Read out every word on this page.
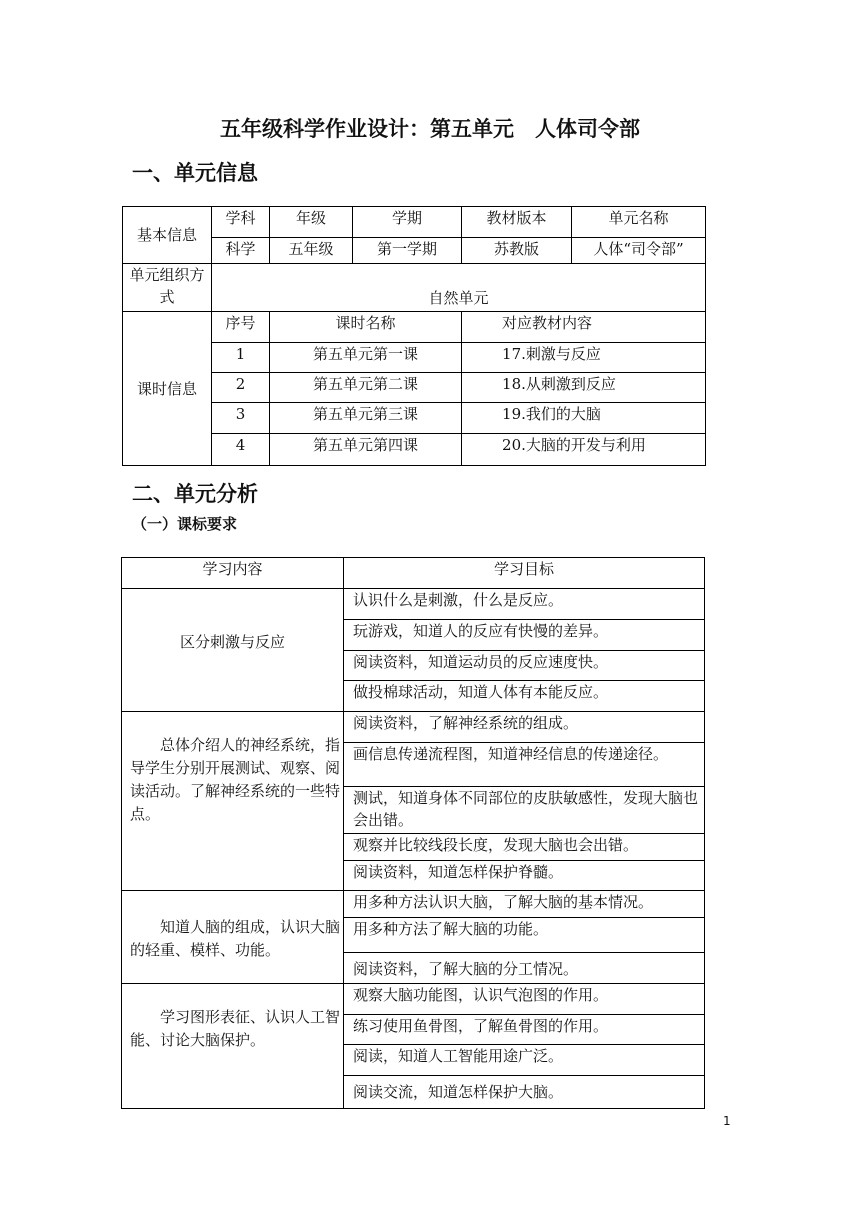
五年级科学作业设计：第五单元　人体司令部
一、单元信息
基本信息	学科	年级	学期	教材版本	单元名称
	科学	五年级	第一学期	苏教版	人体“司令部”
单元组织方式	自然单元				
课时信息	序号	课时名称		对应教材内容	
	1	第五单元第一课		17.刺激与反应	
	2	第五单元第二课		18.从刺激到反应	
	3	第五单元第三课		19.我们的大脑	
	4	第五单元第四课		20.大脑的开发与利用	
二、单元分析
（一）课标要求
学习内容	学习目标
区分刺激与反应	认识什么是刺激，什么是反应。
	玩游戏，知道人的反应有快慢的差异。
	阅读资料，知道运动员的反应速度快。
	做投棉球活动，知道人体有本能反应。
总体介绍人的神经系统，指导学生分别开展测试、观察、阅读活动。了解神经系统的一些特点。	阅读资料，了解神经系统的组成。
	画信息传递流程图，知道神经信息的传递途径。
	测试，知道身体不同部位的皮肤敏感性，发现大脑也会出错。
	观察并比较线段长度，发现大脑也会出错。
	阅读资料，知道怎样保护脊髓。
知道人脑的组成，认识大脑的轻重、模样、功能。	用多种方法认识大脑，了解大脑的基本情况。
	用多种方法了解大脑的功能。
	阅读资料，了解大脑的分工情况。
学习图形表征、认识人工智能、讨论大脑保护。	观察大脑功能图，认识气泡图的作用。
	练习使用鱼骨图，了解鱼骨图的作用。
	阅读，知道人工智能用途广泛。
	阅读交流，知道怎样保护大脑。
1
